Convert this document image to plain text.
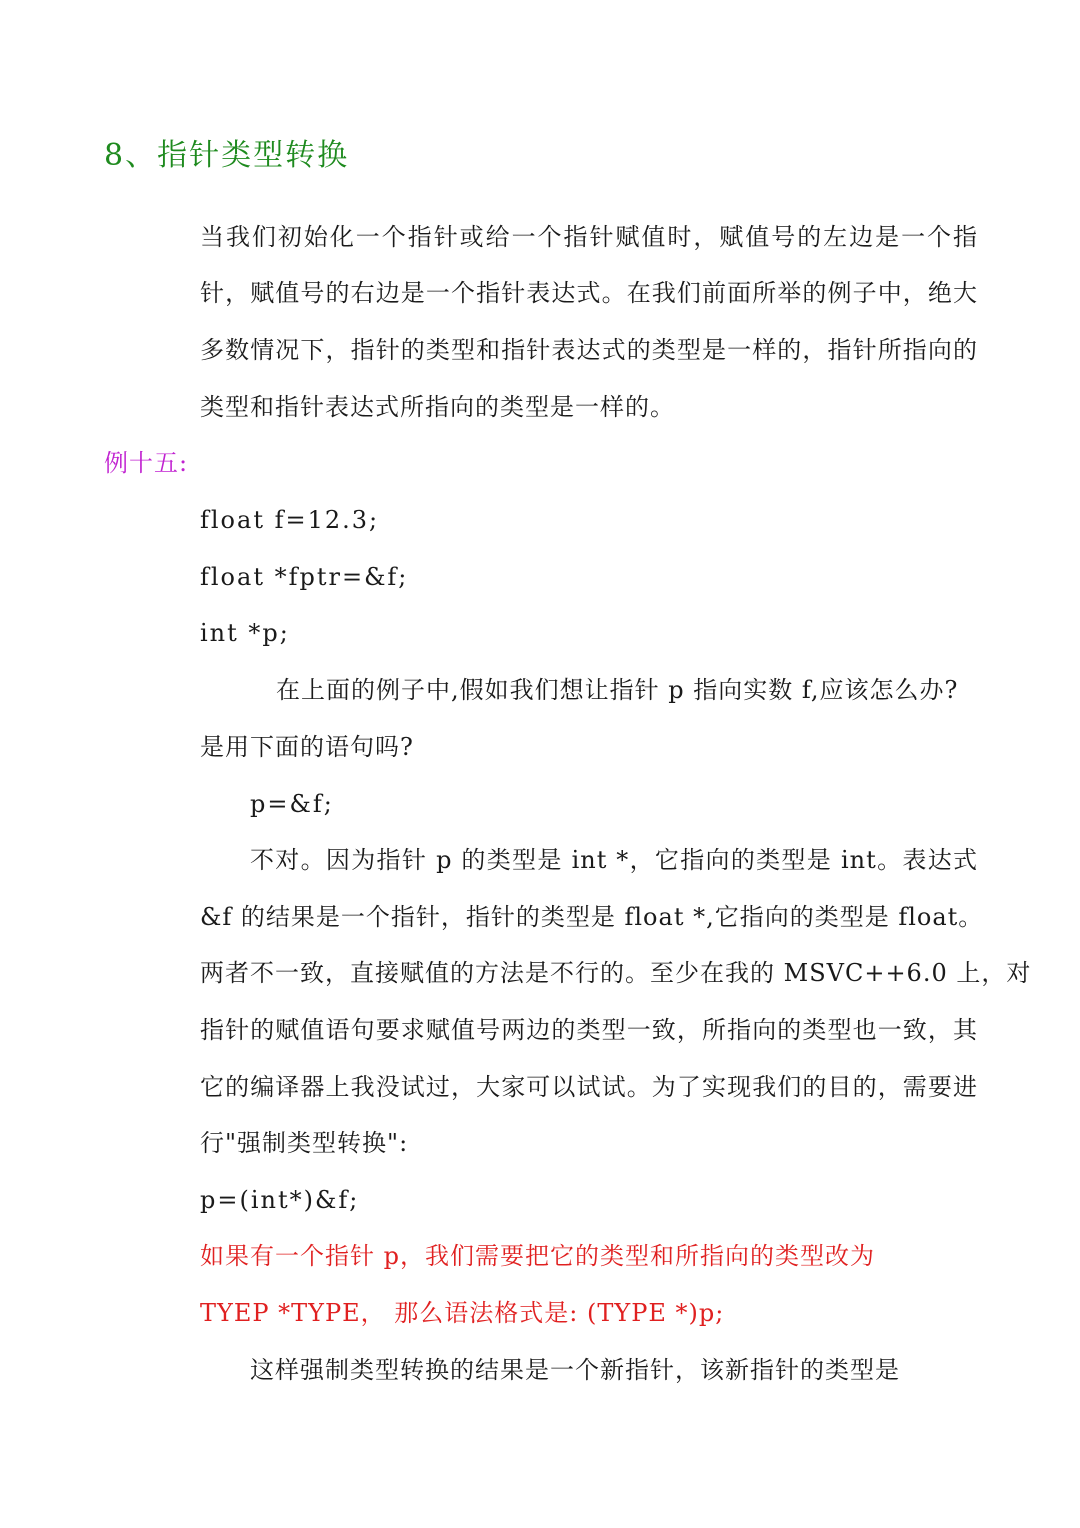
8、指针类型转换
当我们初始化一个指针或给一个指针赋值时，赋值号的左边是一个指
针，赋值号的右边是一个指针表达式。在我们前面所举的例子中，绝大
多数情况下，指针的类型和指针表达式的类型是一样的，指针所指向的
类型和指针表达式所指向的类型是一样的。
例十五:
float f=12.3;
float *fptr=&f;
int *p;
在上面的例子中,假如我们想让指针 p 指向实数 f,应该怎么办?
是用下面的语句吗?
p=&f;
不对。因为指针 p 的类型是 int *，它指向的类型是 int。表达式
&f 的结果是一个指针，指针的类型是 float *,它指向的类型是 float。
两者不一致，直接赋值的方法是不行的。至少在我的 MSVC++6.0 上，对
指针的赋值语句要求赋值号两边的类型一致，所指向的类型也一致，其
它的编译器上我没试过，大家可以试试。为了实现我们的目的，需要进
行"强制类型转换":
p=(int*)&f;
如果有一个指针 p，我们需要把它的类型和所指向的类型改为
TYEP *TYPE， 那么语法格式是: (TYPE *)p;
这样强制类型转换的结果是一个新指针，该新指针的类型是
